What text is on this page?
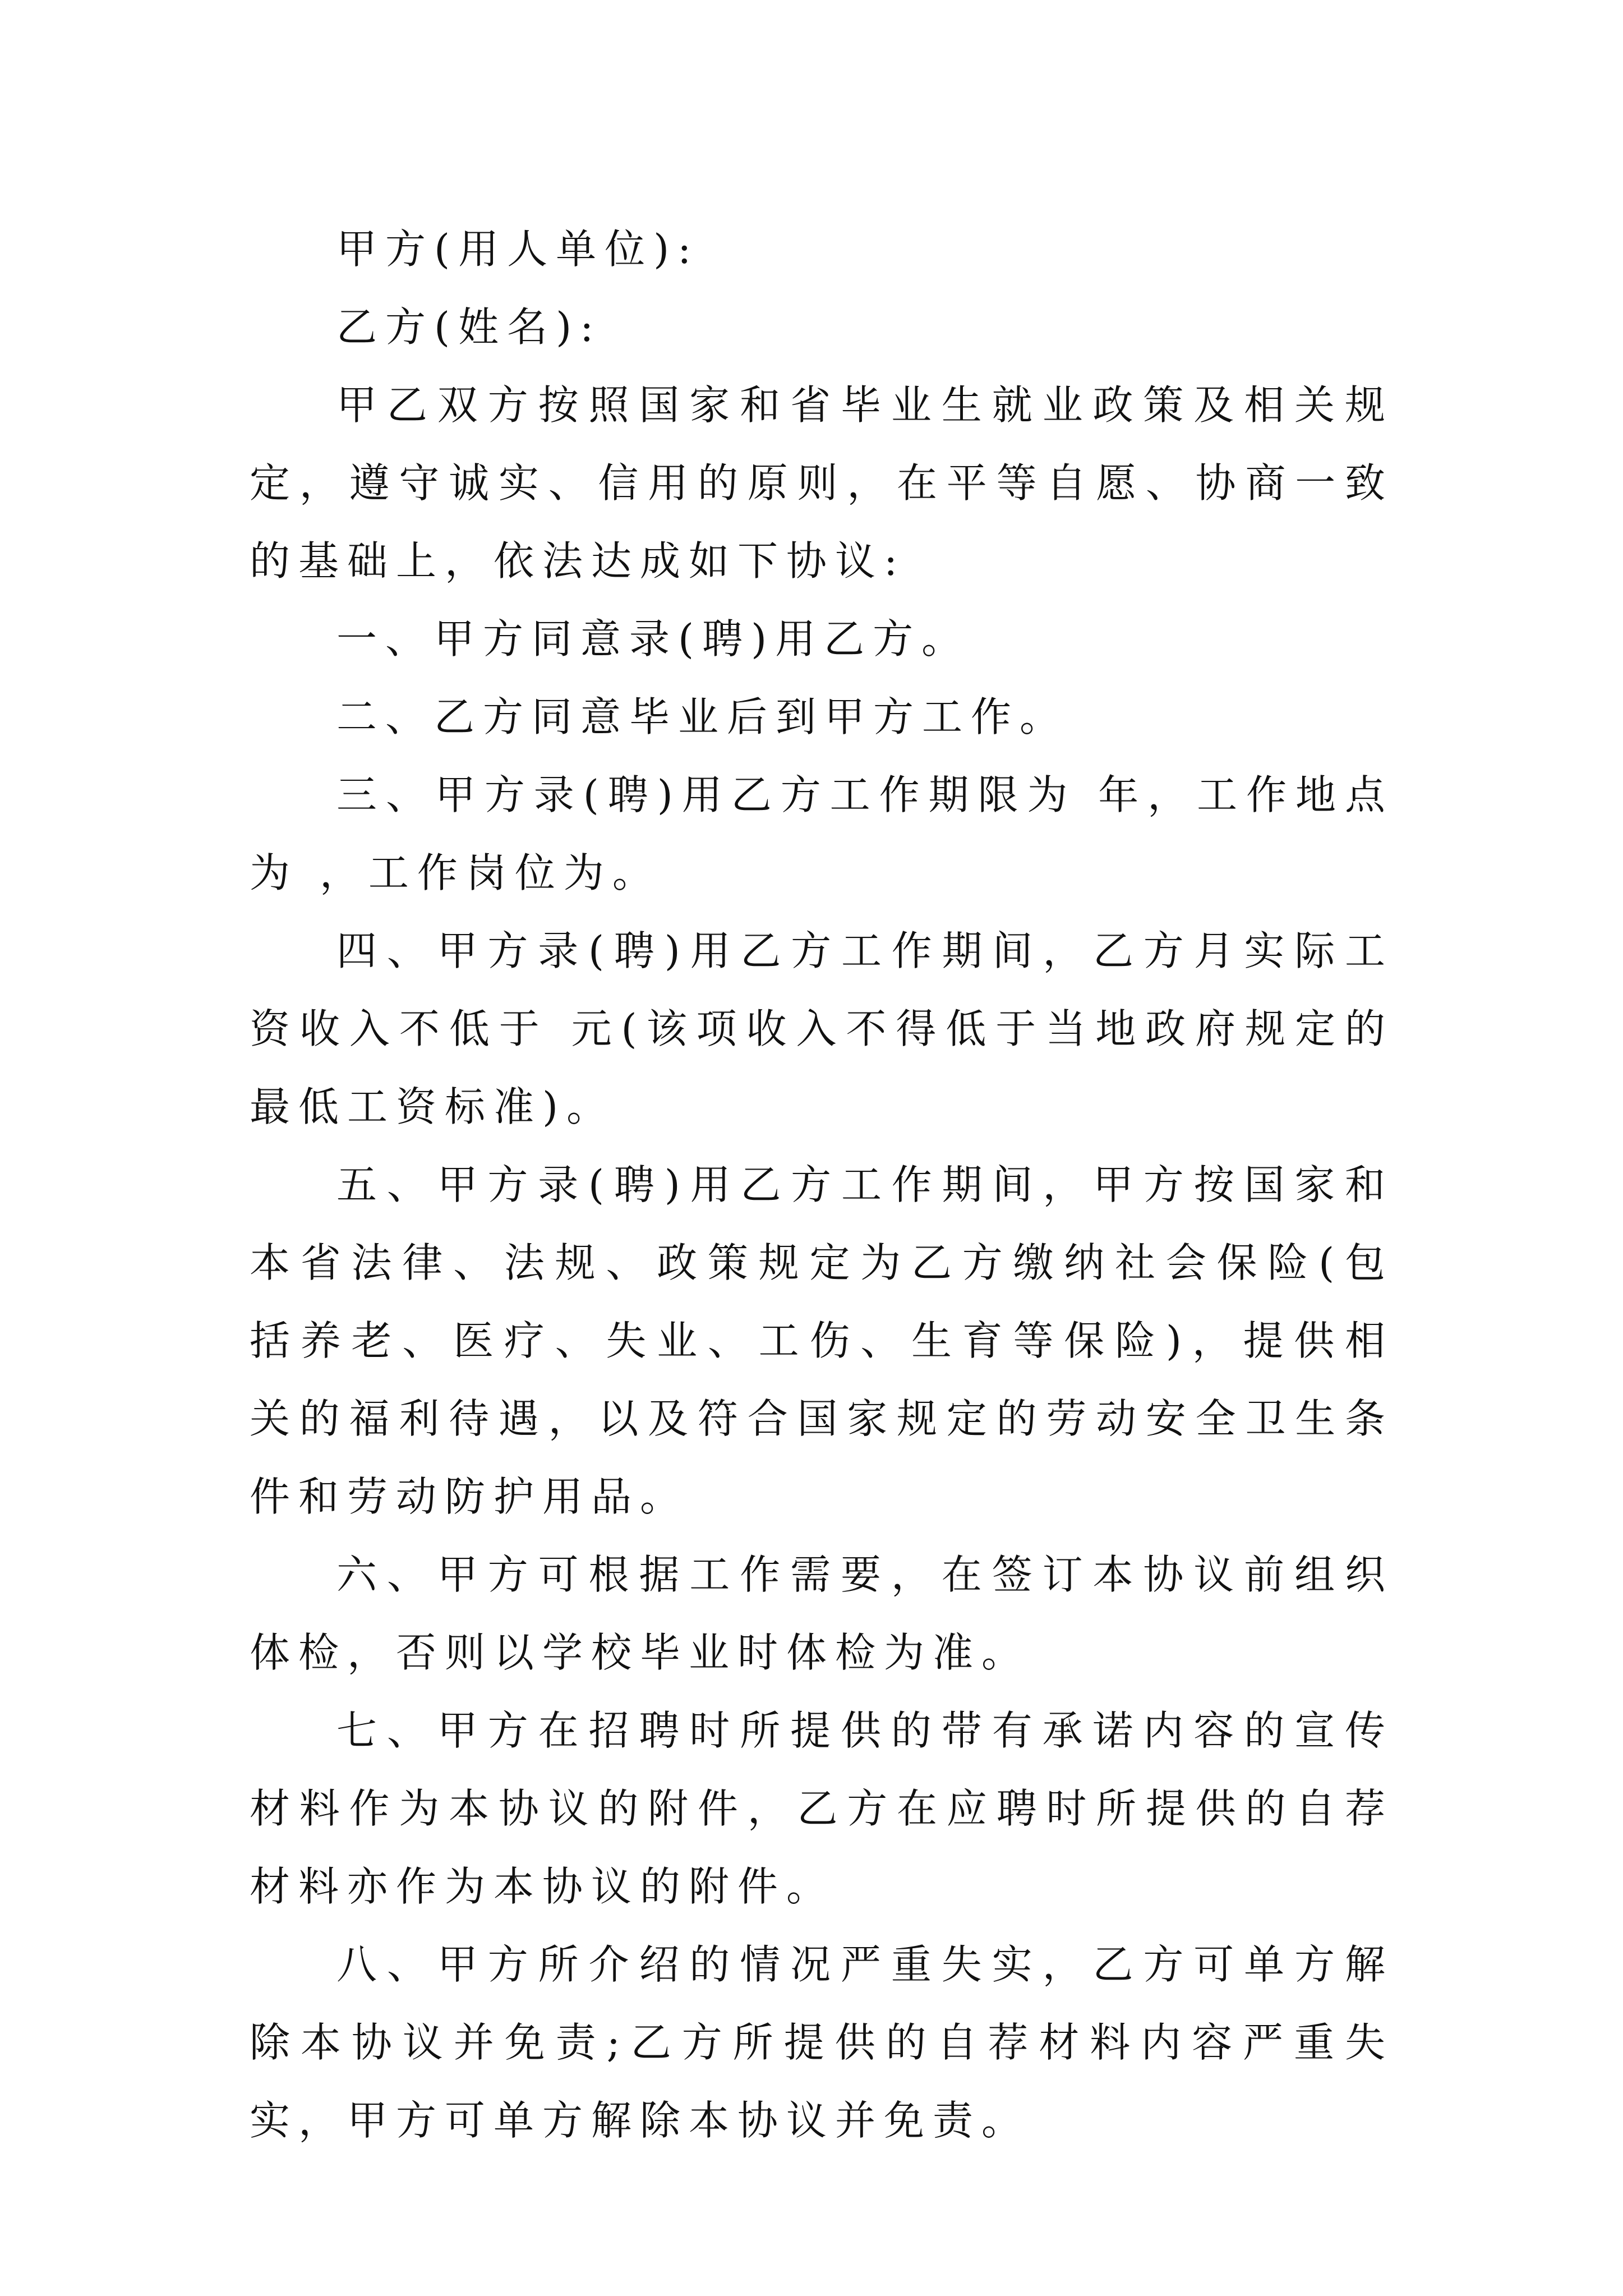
甲方(用人单位):

乙方(姓名):

甲乙双方按照国家和省毕业生就业政策及相关规定，遵守诚实、信用的原则，在平等自愿、协商一致的基础上，依法达成如下协议:

一、甲方同意录(聘)用乙方。

二、乙方同意毕业后到甲方工作。

三、甲方录(聘)用乙方工作期限为 年，工作地点为 ，工作岗位为。

四、甲方录(聘)用乙方工作期间，乙方月实际工资收入不低于 元(该项收入不得低于当地政府规定的最低工资标准)。

五、甲方录(聘)用乙方工作期间，甲方按国家和本省法律、法规、政策规定为乙方缴纳社会保险(包括养老、医疗、失业、工伤、生育等保险)，提供相关的福利待遇，以及符合国家规定的劳动安全卫生条件和劳动防护用品。

六、甲方可根据工作需要，在签订本协议前组织体检，否则以学校毕业时体检为准。

七、甲方在招聘时所提供的带有承诺内容的宣传材料作为本协议的附件，乙方在应聘时所提供的自荐材料亦作为本协议的附件。

八、甲方所介绍的情况严重失实，乙方可单方解除本协议并免责;乙方所提供的自荐材料内容严重失实，甲方可单方解除本协议并免责。
